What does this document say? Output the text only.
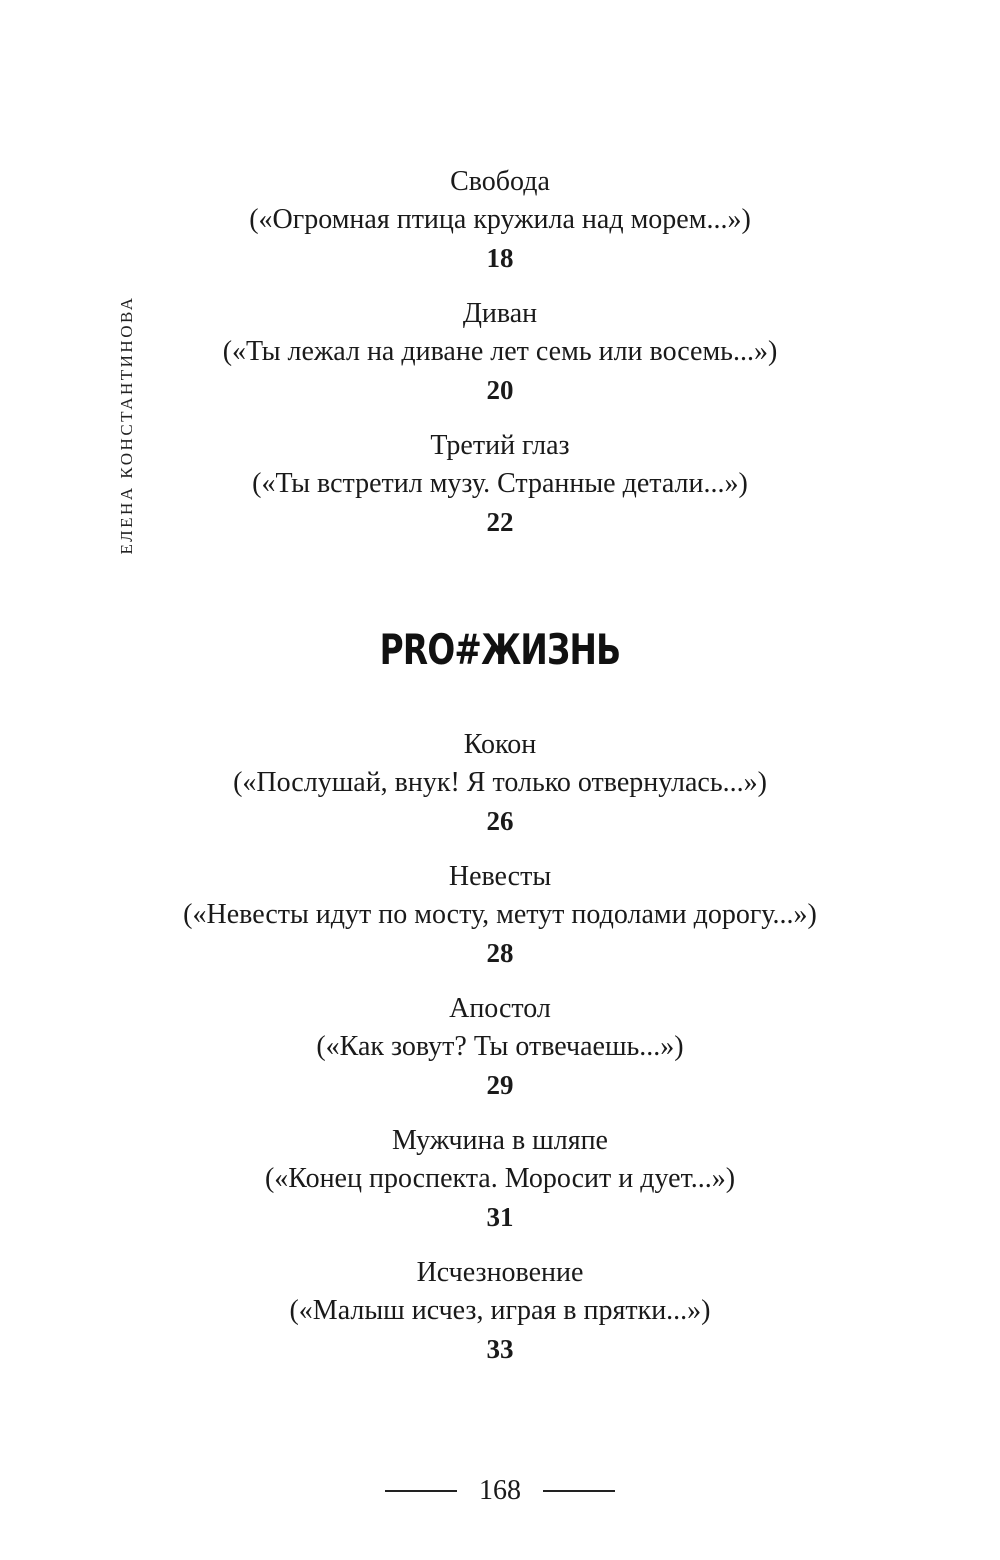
ЕЛЕНА КОНСТАНТИНОВА
Свобода
(«Огромная птица кружила над морем...»)
18
Диван
(«Ты лежал на диване лет семь или восемь...»)
20
Третий глаз
(«Ты встретил музу. Странные детали...»)
22
PRO#ЖИЗНЬ
Кокон
(«Послушай, внук! Я только отвернулась...»)
26
Невесты
(«Невесты идут по мосту, метут подолами дорогу...»)
28
Апостол
(«Как зовут? Ты отвечаешь...»)
29
Мужчина в шляпе
(«Конец проспекта. Моросит и дует...»)
31
Исчезновение
(«Малыш исчез, играя в прятки...»)
33
168
